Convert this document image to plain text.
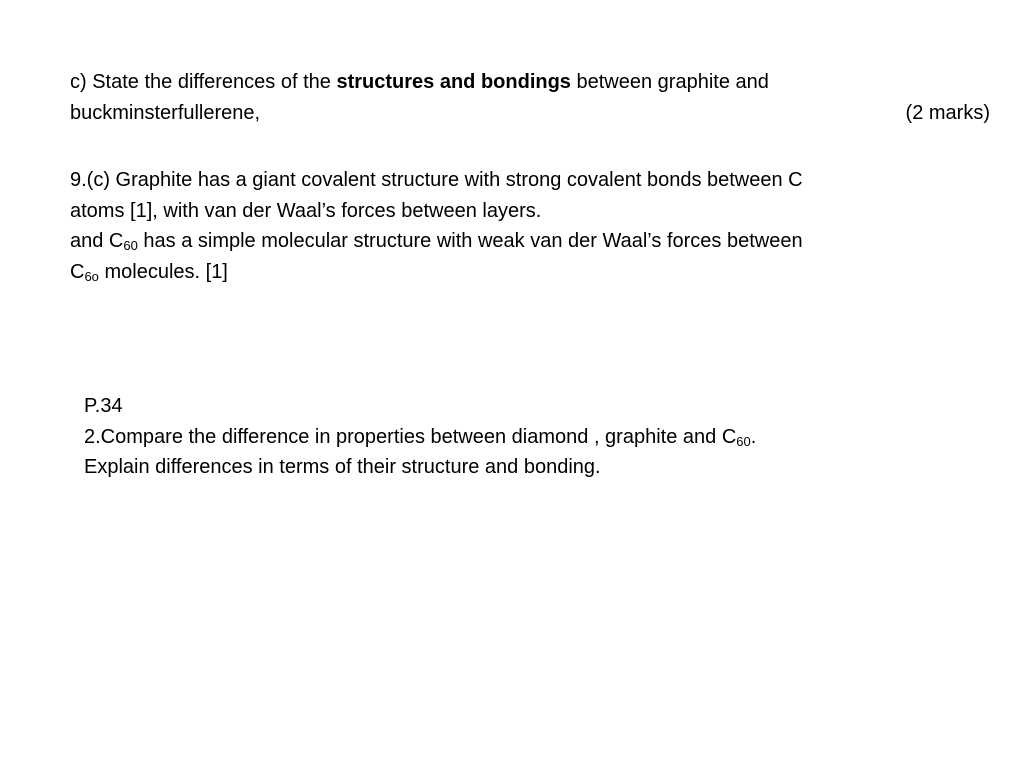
c) State the differences of the structures and bondings between graphite and
buckminsterfullerene,	(2 marks)
9.(c) Graphite has a giant covalent structure with strong covalent bonds between C
atoms [1], with van der Waal’s forces between layers.
and $C_{60}$ has a simple molecular structure with weak van der Waal’s forces between
$C_{6o}$ molecules. [1]
P.34
2.Compare the difference in properties between diamond , graphite and $C_{60}$.
Explain differences in terms of their structure and bonding.
